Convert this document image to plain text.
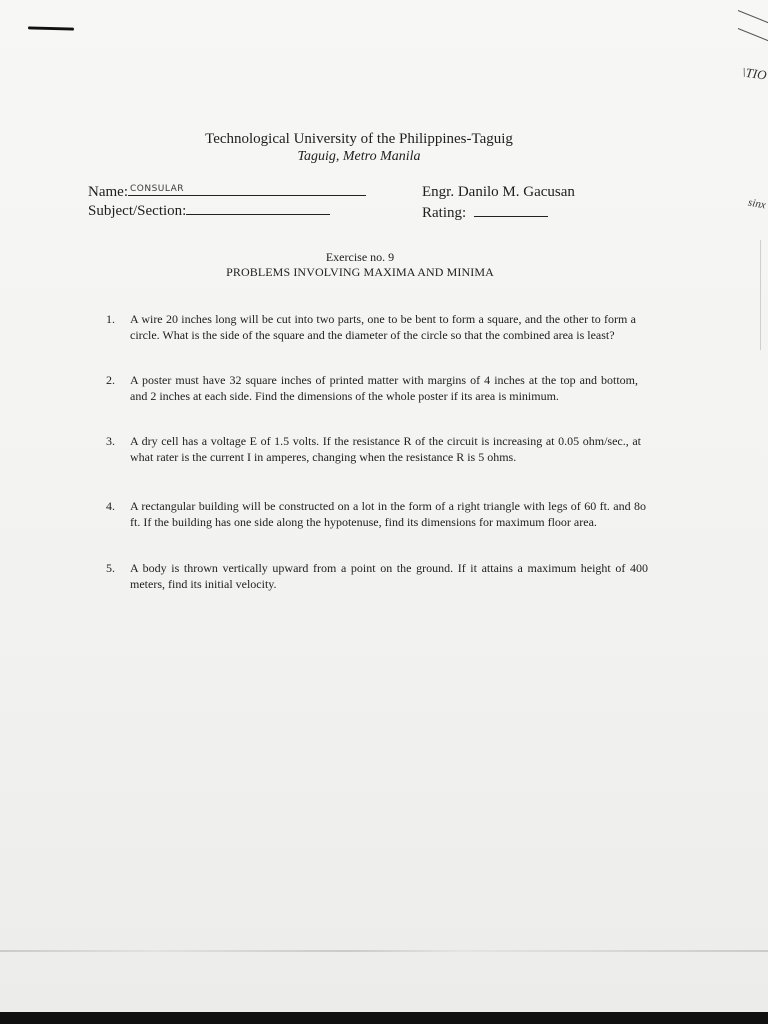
\TIO
sinx
Technological University of the Philippines-Taguig
Taguig, Metro Manila
Name: CONSULAR
Subject/Section:
Engr. Danilo M. Gacusan
Rating:
Exercise no. 9
PROBLEMS INVOLVING MAXIMA AND MINIMA
1. A wire 20 inches long will be cut into two parts, one to be bent to form a square, and the other to form a circle. What is the side of the square and the diameter of the circle so that the combined area is least?
2. A poster must have 32 square inches of printed matter with margins of 4 inches at the top and bottom, and 2 inches at each side. Find the dimensions of the whole poster if its area is minimum.
3. A dry cell has a voltage E of 1.5 volts. If the resistance R of the circuit is increasing at 0.05 ohm/sec., at what rater is the current I in amperes, changing when the resistance R is 5 ohms.
4. A rectangular building will be constructed on a lot in the form of a right triangle with legs of 60 ft. and 8o ft. If the building has one side along the hypotenuse, find its dimensions for maximum floor area.
5. A body is thrown vertically upward from a point on the ground. If it attains a maximum height of 400 meters, find its initial velocity.
